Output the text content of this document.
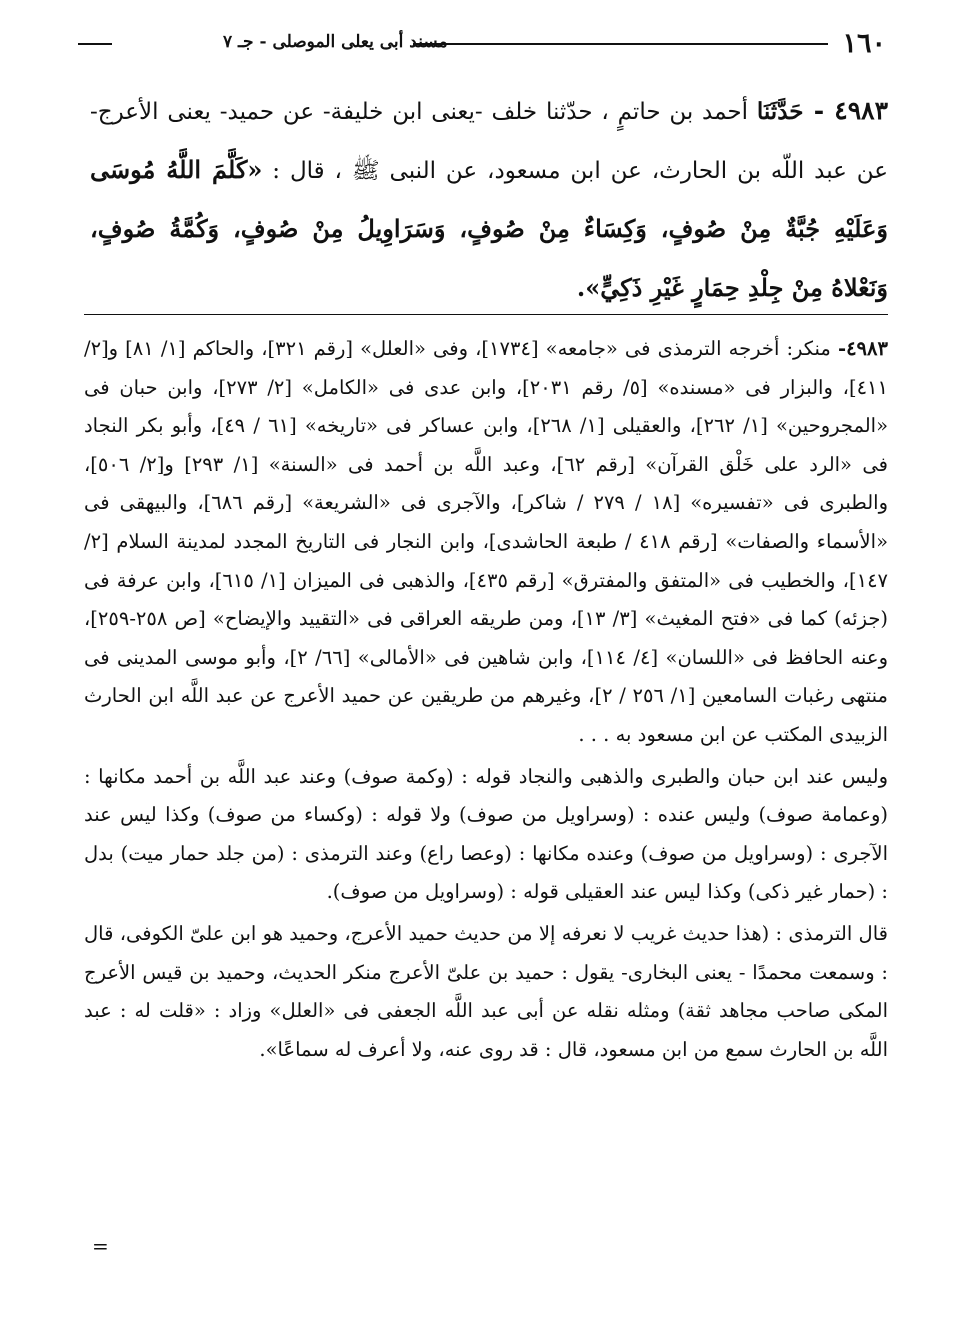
١٦٠
مسند أبى يعلى الموصلى - جـ ٧
٤٩٨٣ - حَدَّثَنَا أحمد بن حاتمٍ ، حدّثنا خلف -يعنى ابن خليفة- عن حميد- يعنى الأعرج- عن عبد اللّه بن الحارث، عن ابن مسعود، عن النبى ﷺ ، قال : «كَلَّمَ اللَّهُ مُوسَى وَعَلَيْهِ جُبَّةٌ مِنْ صُوفٍ، وَكِسَاءٌ مِنْ صُوفٍ، وَسَرَاوِيلُ مِنْ صُوفٍ، وَكُمَّةُ صُوفٍ، وَنَعْلاهُ مِنْ جِلْدِ حِمَارٍ غَيْرِ ذَكِيٍّ».

٤٩٨٣- منكر: أخرجه الترمذى فى «جامعه» [١٧٣٤]، وفى «العلل» [رقم ٣٢١]، والحاكم [١/ ٨١] و[٢/ ٤١١]، والبزار فى «مسنده» [٥/ رقم ٢٠٣١]، وابن عدى فى «الكامل» [٢/ ٢٧٣]، وابن حبان فى «المجروحين» [١/ ٢٦٢]، والعقيلى [١/ ٢٦٨]، وابن عساكر فى «تاريخه» [٦١ / ٤٩]، وأبو بكر النجاد فى «الرد على خَلْق القرآن» [رقم ٦٢]، وعبد اللَّه بن أحمد فى «السنة» [١/ ٢٩٣] و[٢/ ٥٠٦]، والطبرى فى «تفسيره» [١٨ / ٢٧٩ / شاكر]، والآجرى فى «الشريعة» [رقم ٦٨٦]، والبيهقى فى «الأسماء والصفات» [رقم ٤١٨ / طبعة الحاشدى]، وابن النجار فى التاريخ المجدد لمدينة السلام [٢/ ١٤٧]، والخطيب فى «المتفق والمفترق» [رقم ٤٣٥]، والذهبى فى الميزان [١/ ٦١٥]، وابن عرفة فى (جزئه) كما فى «فتح المغيث» [٣/ ١٣]، ومن طريقه العراقى فى «التقييد والإيضاح» [ص ٢٥٨-٢٥٩]، وعنه الحافظ فى «اللسان» [٤/ ١١٤]، وابن شاهين فى «الأمالى» [٦٦/ ٢]، وأبو موسى المدينى فى منتهى رغبات السامعين [١/ ٢٥٦ / ٢]، وغيرهم من طريقين عن حميد الأعرج عن عبد اللَّه ابن الحارث الزبيدى المكتب عن ابن مسعود به . . .

وليس عند ابن حبان والطبرى والذهبى والنجاد قوله : (وكمة صوف) وعند عبد اللَّه بن أحمد مكانها : (وعمامة صوف) وليس عنده : (وسراويل من صوف) ولا قوله : (وكساء من صوف) وكذا ليس عند الآجرى : (وسراويل من صوف) وعنده مكانها : (وعصا راع) وعند الترمذى : (من جلد حمار ميت) بدل : (حمار غير ذكى) وكذا ليس عند العقيلى قوله : (وسراويل من صوف).

قال الترمذى : (هذا حديث غريب لا نعرفه إلا من حديث حميد الأعرج، وحميد هو ابن علىّ الكوفى، قال : وسمعت محمدًا - يعنى البخارى- يقول : حميد بن علىّ الأعرج منكر الحديث، وحميد بن قيس الأعرج المكى صاحب مجاهد ثقة) ومثله نقله عن أبى عبد اللَّه الجعفى فى «العلل» وزاد : «قلت له : عبد اللَّه بن الحارث سمع من ابن مسعود، قال : قد روى عنه، ولا أعرف له سماعًا».

=
